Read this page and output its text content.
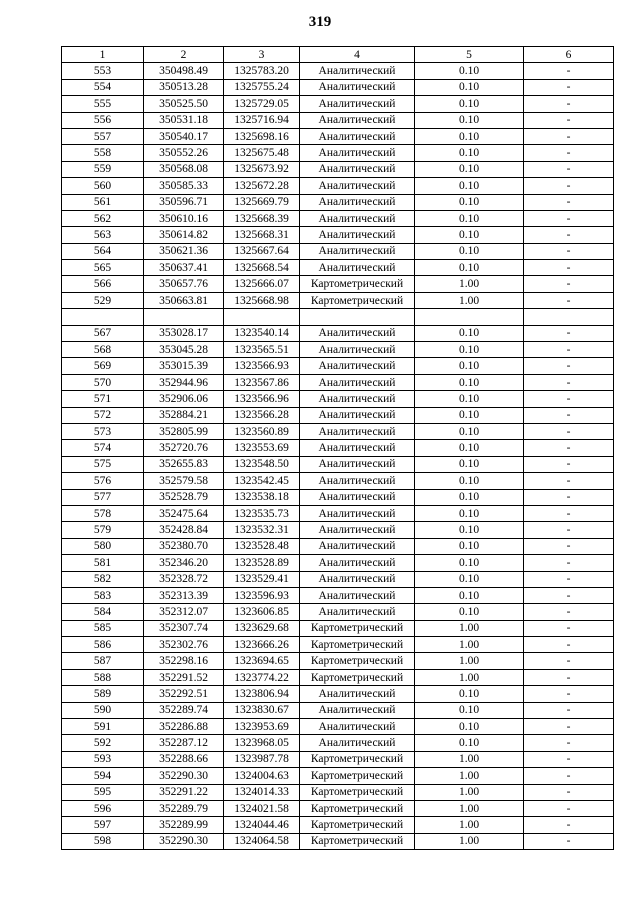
319
1	2	3	4	5	6
553	350498.49	1325783.20	Аналитический	0.10	-
554	350513.28	1325755.24	Аналитический	0.10	-
555	350525.50	1325729.05	Аналитический	0.10	-
556	350531.18	1325716.94	Аналитический	0.10	-
557	350540.17	1325698.16	Аналитический	0.10	-
558	350552.26	1325675.48	Аналитический	0.10	-
559	350568.08	1325673.92	Аналитический	0.10	-
560	350585.33	1325672.28	Аналитический	0.10	-
561	350596.71	1325669.79	Аналитический	0.10	-
562	350610.16	1325668.39	Аналитический	0.10	-
563	350614.82	1325668.31	Аналитический	0.10	-
564	350621.36	1325667.64	Аналитический	0.10	-
565	350637.41	1325668.54	Аналитический	0.10	-
566	350657.76	1325666.07	Картометрический	1.00	-
529	350663.81	1325668.98	Картометрический	1.00	-

567	353028.17	1323540.14	Аналитический	0.10	-
568	353045.28	1323565.51	Аналитический	0.10	-
569	353015.39	1323566.93	Аналитический	0.10	-
570	352944.96	1323567.86	Аналитический	0.10	-
571	352906.06	1323566.96	Аналитический	0.10	-
572	352884.21	1323566.28	Аналитический	0.10	-
573	352805.99	1323560.89	Аналитический	0.10	-
574	352720.76	1323553.69	Аналитический	0.10	-
575	352655.83	1323548.50	Аналитический	0.10	-
576	352579.58	1323542.45	Аналитический	0.10	-
577	352528.79	1323538.18	Аналитический	0.10	-
578	352475.64	1323535.73	Аналитический	0.10	-
579	352428.84	1323532.31	Аналитический	0.10	-
580	352380.70	1323528.48	Аналитический	0.10	-
581	352346.20	1323528.89	Аналитический	0.10	-
582	352328.72	1323529.41	Аналитический	0.10	-
583	352313.39	1323596.93	Аналитический	0.10	-
584	352312.07	1323606.85	Аналитический	0.10	-
585	352307.74	1323629.68	Картометрический	1.00	-
586	352302.76	1323666.26	Картометрический	1.00	-
587	352298.16	1323694.65	Картометрический	1.00	-
588	352291.52	1323774.22	Картометрический	1.00	-
589	352292.51	1323806.94	Аналитический	0.10	-
590	352289.74	1323830.67	Аналитический	0.10	-
591	352286.88	1323953.69	Аналитический	0.10	-
592	352287.12	1323968.05	Аналитический	0.10	-
593	352288.66	1323987.78	Картометрический	1.00	-
594	352290.30	1324004.63	Картометрический	1.00	-
595	352291.22	1324014.33	Картометрический	1.00	-
596	352289.79	1324021.58	Картометрический	1.00	-
597	352289.99	1324044.46	Картометрический	1.00	-
598	352290.30	1324064.58	Картометрический	1.00	-
